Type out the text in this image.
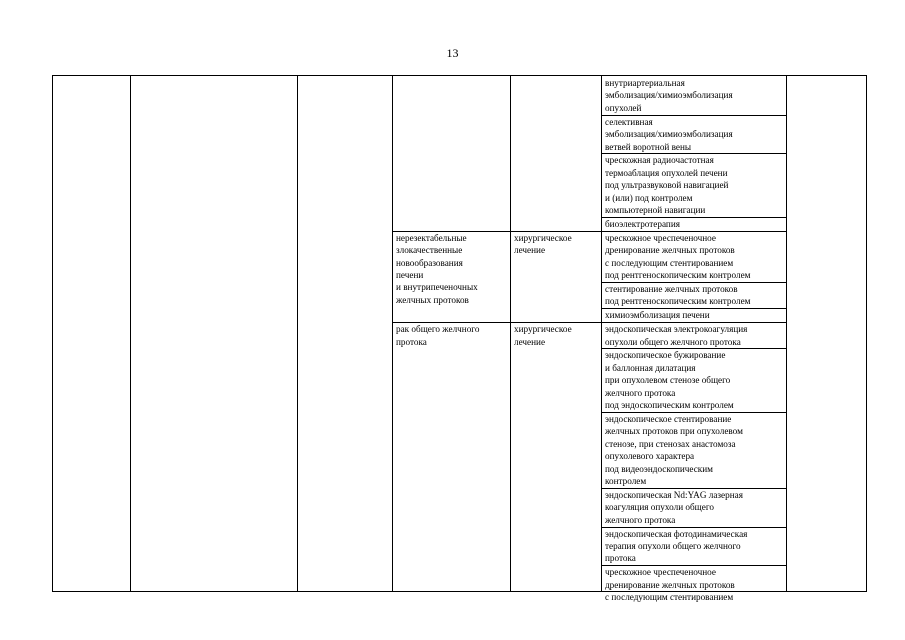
13
внутриартериальная
эмболизация/химиоэмболизация
опухолей
селективная
эмболизация/химиоэмболизация
ветвей воротной вены
чрескожная радиочастотная
термоаблация опухолей печени
под ультразвуковой навигацией
и (или) под контролем
компьютерной навигации
биоэлектротерапия
нерезектабельные
злокачественные
новообразования
печени
и внутрипеченочных
желчных протоков
хирургическое
лечение
чрескожное чреспеченочное
дренирование желчных протоков
с последующим стентированием
под рентгеноскопическим контролем
стентирование желчных протоков
под рентгеноскопическим контролем
химиоэмболизация печени
рак общего желчного
протока
хирургическое
лечение
эндоскопическая электрокоагуляция
опухоли общего желчного протока
эндоскопическое бужирование
и баллонная дилатация
при опухолевом стенозе общего
желчного протока
под эндоскопическим контролем
эндоскопическое стентирование
желчных протоков при опухолевом
стенозе, при стенозах анастомоза
опухолевого характера
под видеоэндоскопическим
контролем
эндоскопическая Nd:YAG лазерная
коагуляция опухоли общего
желчного протока
эндоскопическая фотодинамическая
терапия опухоли общего желчного
протока
чрескожное чреспеченочное
дренирование желчных протоков
с последующим стентированием
